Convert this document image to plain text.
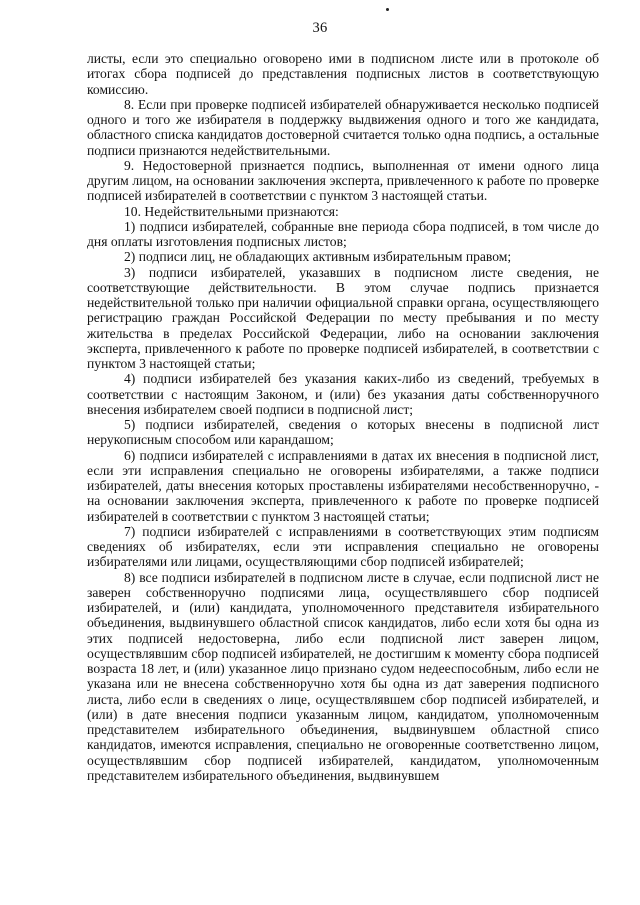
36

листы, если это специально оговорено ими в подписном листе или в протоколе об итогах сбора подписей до представления подписных листов в соответствующую комиссию.

8. Если при проверке подписей избирателей обнаруживается несколько подписей одного и того же избирателя в поддержку выдвижения одного и того же кандидата, областного списка кандидатов достоверной считается только одна подпись, а остальные подписи признаются недействительными.

9. Недостоверной признается подпись, выполненная от имени одного лица другим лицом, на основании заключения эксперта, привлеченного к работе по проверке подписей избирателей в соответствии с пунктом 3 настоящей статьи.

10. Недействительными признаются:

1) подписи избирателей, собранные вне периода сбора подписей, в том числе до дня оплаты изготовления подписных листов;

2) подписи лиц, не обладающих активным избирательным правом;

3) подписи избирателей, указавших в подписном листе сведения, не соответствующие действительности. В этом случае подпись признается недействительной только при наличии официальной справки органа, осуществляющего регистрацию граждан Российской Федерации по месту пребывания и по месту жительства в пределах Российской Федерации, либо на основании заключения эксперта, привлеченного к работе по проверке подписей избирателей, в соответствии с пунктом 3 настоящей статьи;

4) подписи избирателей без указания каких-либо из сведений, требуемых в соответствии с настоящим Законом, и (или) без указания даты собственноручного внесения избирателем своей подписи в подписной лист;

5) подписи избирателей, сведения о которых внесены в подписной лист нерукописным способом или карандашом;

6) подписи избирателей с исправлениями в датах их внесения в подписной лист, если эти исправления специально не оговорены избирателями, а также подписи избирателей, даты внесения которых проставлены избирателями несобственноручно, - на основании заключения эксперта, привлеченного к работе по проверке подписей избирателей в соответствии с пунктом 3 настоящей статьи;

7) подписи избирателей с исправлениями в соответствующих этим подписям сведениях об избирателях, если эти исправления специально не оговорены избирателями или лицами, осуществляющими сбор подписей избирателей;

8) все подписи избирателей в подписном листе в случае, если подписной лист не заверен собственноручно подписями лица, осуществлявшего сбор подписей избирателей, и (или) кандидата, уполномоченного представителя избирательного объединения, выдвинувшего областной список кандидатов, либо если хотя бы одна из этих подписей недостоверна, либо если подписной лист заверен лицом, осуществлявшим сбор подписей избирателей, не достигшим к моменту сбора подписей возраста 18 лет, и (или) указанное лицо признано судом недееспособным, либо если не указана или не внесена собственноручно хотя бы одна из дат заверения подписного листа, либо если в сведениях о лице, осуществлявшем сбор подписей избирателей, и (или) в дате внесения подписи указанным лицом, кандидатом, уполномоченным представителем избирательного объединения, выдвинувшем областной списо кандидатов, имеются исправления, специально не оговоренные соответственно лицом, осуществлявшим сбор подписей избирателей, кандидатом, уполномоченным представителем избирательного объединения, выдвинувшем
